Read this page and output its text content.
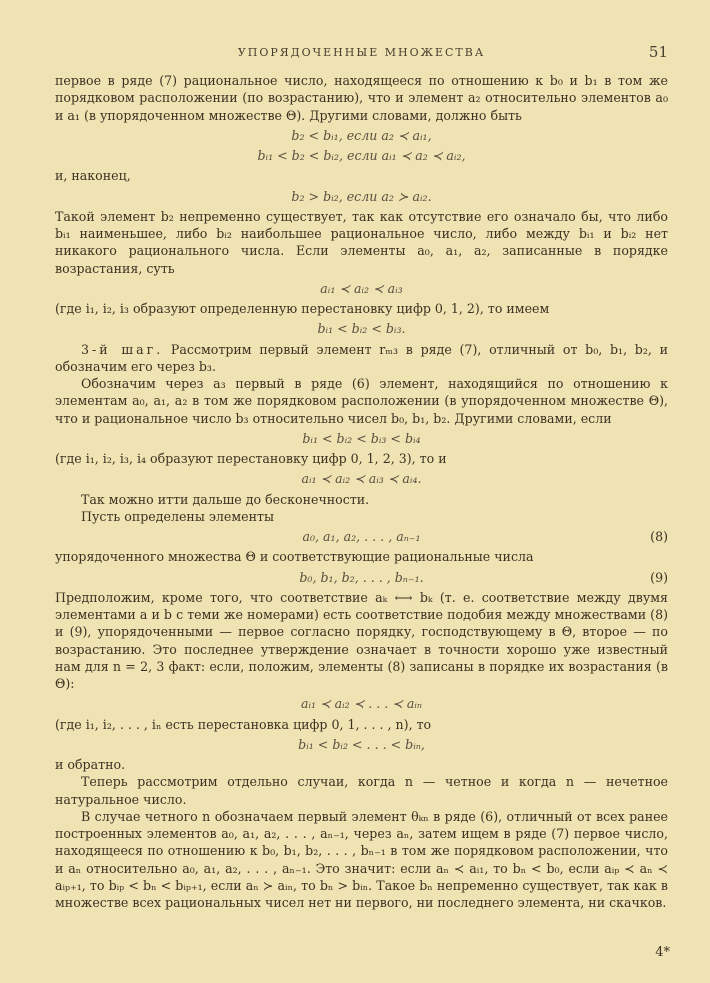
УПОРЯДОЧЕННЫЕ МНОЖЕСТВА	51

первое в ряде (7) рациональное число, находящееся по отношению к b₀ и b₁ в том же порядковом расположении (по возрастанию), что и элемент a₂ относительно элементов a₀ и a₁ (в упорядоченном множестве Θ). Другими словами, должно быть

b₂ < bᵢ₁, если a₂ ≺ aᵢ₁,
bᵢ₁ < b₂ < bᵢ₂, если aᵢ₁ ≺ a₂ ≺ aᵢ₂,

и, наконец,

b₂ > bᵢ₂, если a₂ ≻ aᵢ₂.

Такой элемент b₂ непременно существует, так как отсутствие его означало бы, что либо bᵢ₁ наименьшее, либо bᵢ₂ наибольшее рациональное число, либо между bᵢ₁ и bᵢ₂ нет никакого рационального числа. Если элементы a₀, a₁, a₂, записанные в порядке возрастания, суть

aᵢ₁ ≺ aᵢ₂ ≺ aᵢ₃

(где i₁, i₂, i₃ образуют определенную перестановку цифр 0, 1, 2), то имеем

bᵢ₁ < bᵢ₂ < bᵢ₃.

3-й шаг. Рассмотрим первый элемент rₘ₃ в ряде (7), отличный от b₀, b₁, b₂, и обозначим его через b₃.

Обозначим через a₃ первый в ряде (6) элемент, находящийся по отношению к элементам a₀, a₁, a₂ в том же порядковом расположении (в упорядоченном множестве Θ), что и рациональное число b₃ относительно чисел b₀, b₁, b₂. Другими словами, если

bᵢ₁ < bᵢ₂ < bᵢ₃ < bᵢ₄

(где i₁, i₂, i₃, i₄ образуют перестановку цифр 0, 1, 2, 3), то и

aᵢ₁ ≺ aᵢ₂ ≺ aᵢ₃ ≺ aᵢ₄.

Так можно итти дальше до бесконечности.

Пусть определены элементы

a₀, a₁, a₂, . . . , aₙ₋₁	(8)

упорядоченного множества Θ и соответствующие рациональные числа

b₀, b₁, b₂, . . . , bₙ₋₁.	(9)

Предположим, кроме того, что соответствие aₖ ⟷ bₖ (т. е. соответствие между двумя элементами a и b с теми же номерами) есть соответствие подобия между множествами (8) и (9), упорядоченными — первое согласно порядку, господствующему в Θ, второе — по возрастанию. Это последнее утверждение означает в точности хорошо уже известный нам для n = 2, 3 факт: если, положим, элементы (8) записаны в порядке их возрастания (в Θ):

aᵢ₁ ≺ aᵢ₂ ≺ . . . ≺ aᵢₙ

(где i₁, i₂, . . . , iₙ есть перестановка цифр 0, 1, . . . , n), то

bᵢ₁ < bᵢ₂ < . . . < bᵢₙ,

и обратно.

Теперь рассмотрим отдельно случаи, когда n — четное и когда n — нечетное натуральное число.

В случае четного n обозначаем первый элемент θₖₙ в ряде (6), отличный от всех ранее построенных элементов a₀, a₁, a₂, . . . , aₙ₋₁, через aₙ, затем ищем в ряде (7) первое число, находящееся по отношению к b₀, b₁, b₂, . . . , bₙ₋₁ в том же порядковом расположении, что и aₙ относительно a₀, a₁, a₂, . . . , aₙ₋₁. Это значит: если aₙ ≺ aᵢ₁, то bₙ < b₀, если aᵢₚ ≺ aₙ ≺ aᵢₚ₊₁, то bᵢₚ < bₙ < bᵢₚ₊₁, если aₙ ≻ aᵢₙ, то bₙ > bᵢₙ. Такое bₙ непременно существует, так как в множестве всех рациональных чисел нет ни первого, ни последнего элемента, ни скачков.

4*
